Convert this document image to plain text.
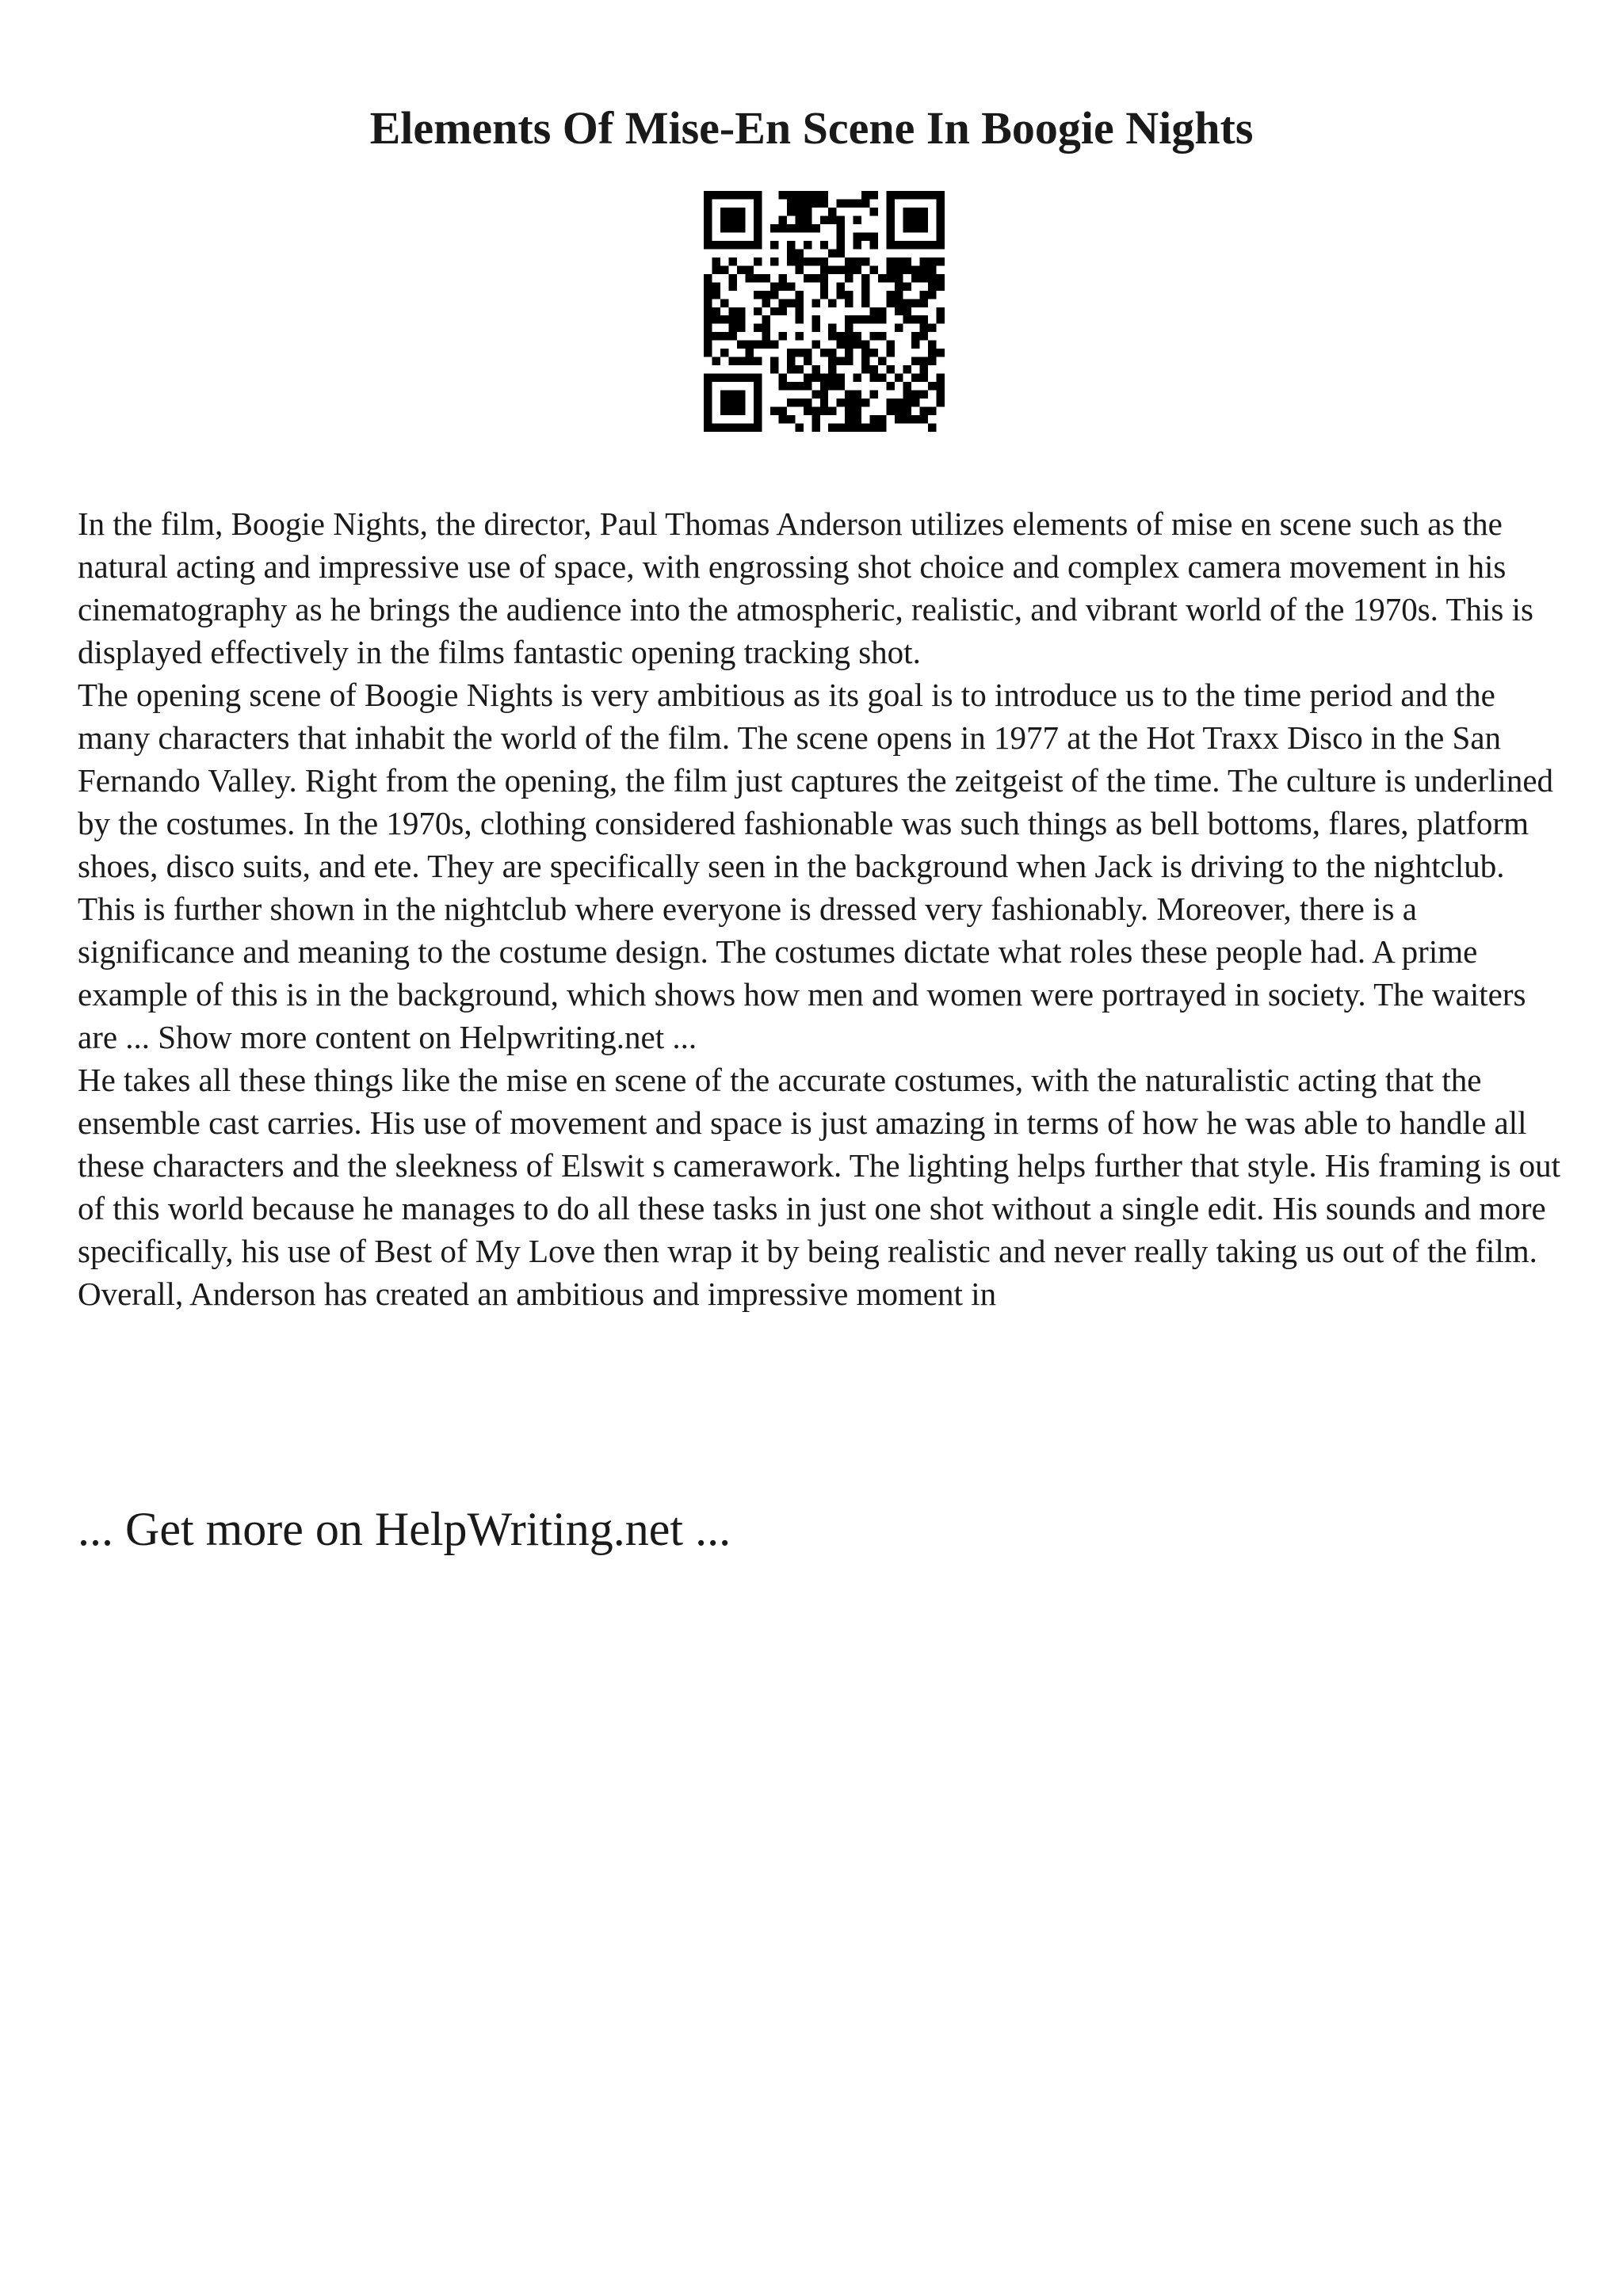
Elements Of Mise-En Scene In Boogie Nights

In the film, Boogie Nights, the director, Paul Thomas Anderson utilizes elements of mise en scene such as the natural acting and impressive use of space, with engrossing shot choice and complex camera movement in his cinematography as he brings the audience into the atmospheric, realistic, and vibrant world of the 1970s. This is displayed effectively in the films fantastic opening tracking shot.

The opening scene of Boogie Nights is very ambitious as its goal is to introduce us to the time period and the many characters that inhabit the world of the film. The scene opens in 1977 at the Hot Traxx Disco in the San Fernando Valley. Right from the opening, the film just captures the zeitgeist of the time. The culture is underlined by the costumes. In the 1970s, clothing considered fashionable was such things as bell bottoms, flares, platform shoes, disco suits, and ete. They are specifically seen in the background when Jack is driving to the nightclub. This is further shown in the nightclub where everyone is dressed very fashionably. Moreover, there is a significance and meaning to the costume design. The costumes dictate what roles these people had. A prime example of this is in the background, which shows how men and women were portrayed in society. The waiters are ... Show more content on Helpwriting.net ...

He takes all these things like the mise en scene of the accurate costumes, with the naturalistic acting that the ensemble cast carries. His use of movement and space is just amazing in terms of how he was able to handle all these characters and the sleekness of Elswit s camerawork. The lighting helps further that style. His framing is out of this world because he manages to do all these tasks in just one shot without a single edit. His sounds and more specifically, his use of Best of My Love then wrap it by being realistic and never really taking us out of the film. Overall, Anderson has created an ambitious and impressive moment in

... Get more on HelpWriting.net ...
